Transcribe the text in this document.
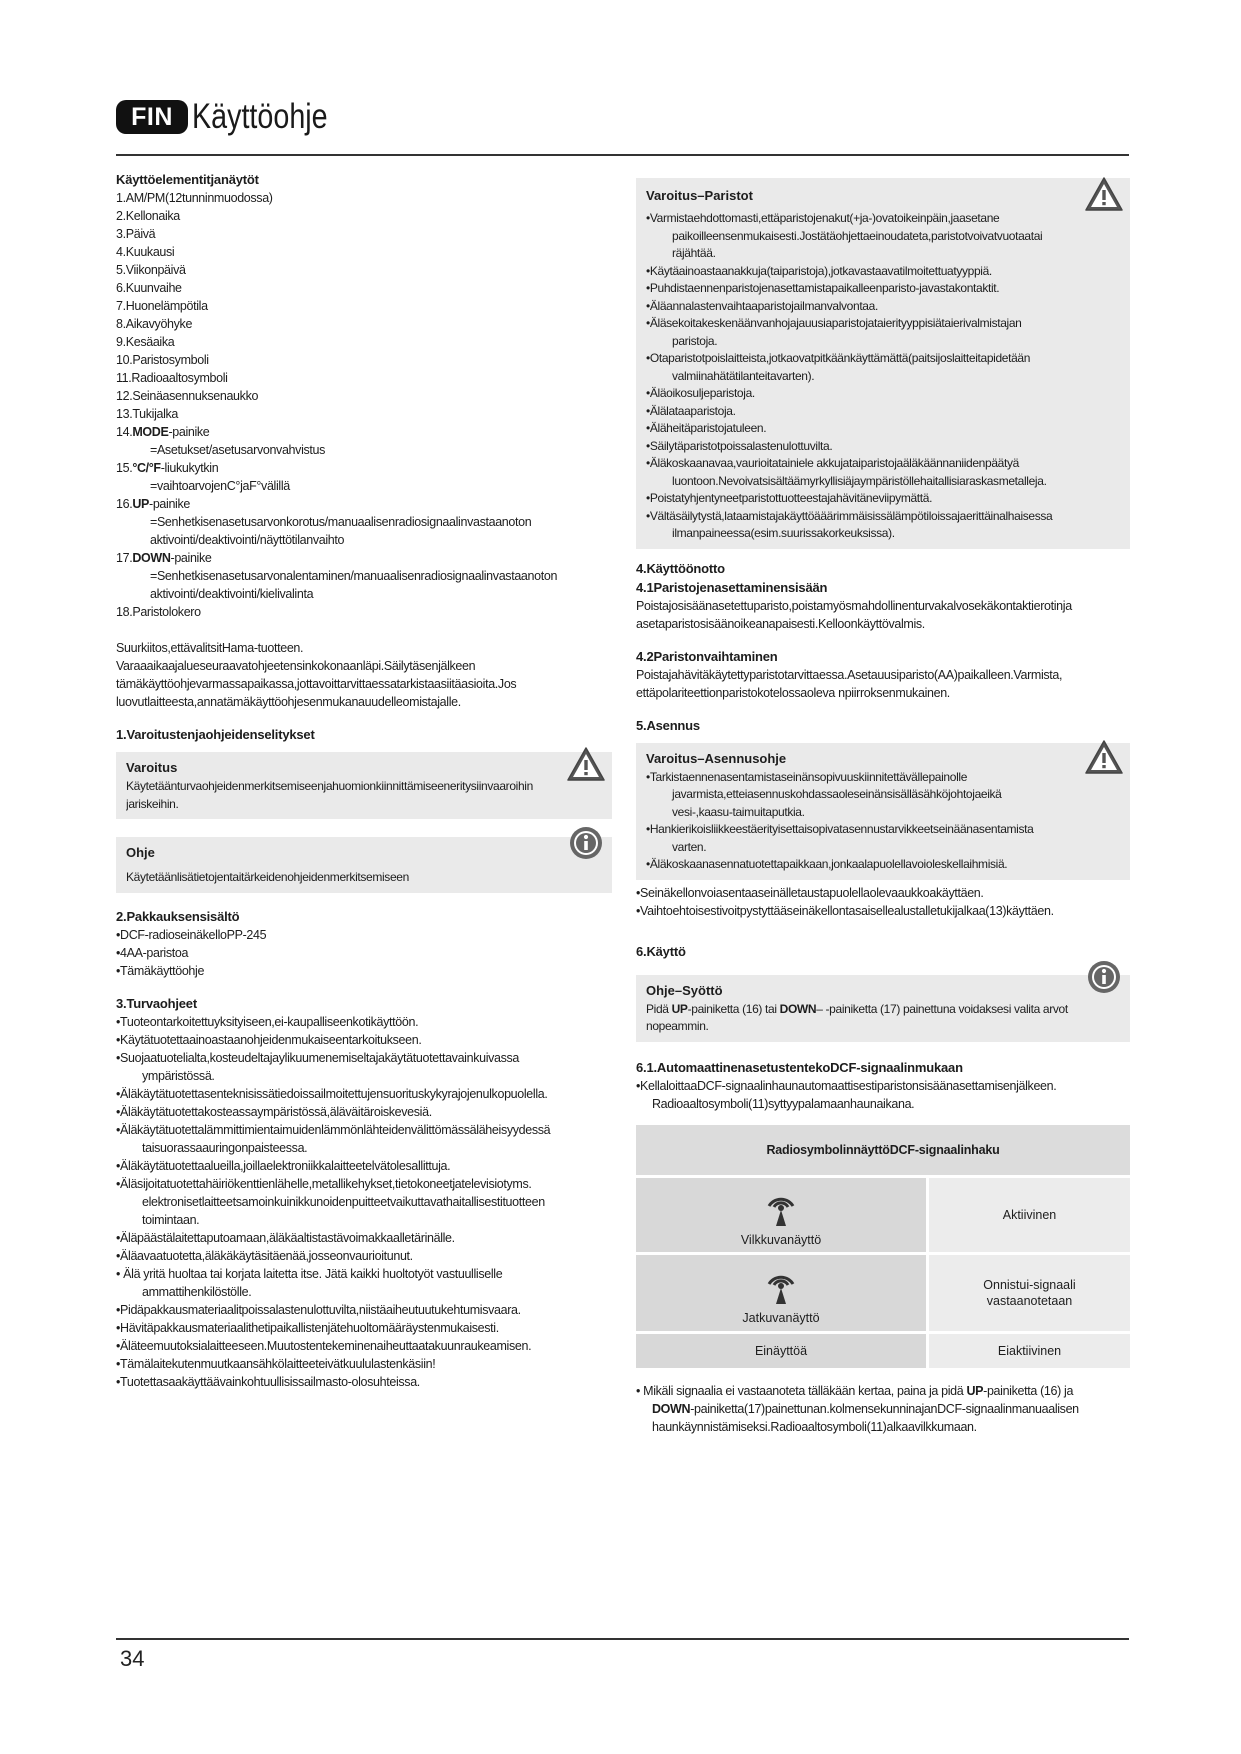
FIN Käyttöohje
Käyttöelementitjanäytöt
1.AM/PM(12tunninmuodossa)
2.Kellonaika
3.Päivä
4.Kuukausi
5.Viikonpäivä
6.Kuunvaihe
7.Huonelämpötila
8.Aikavyöhyke
9.Kesäaika
10.Paristosymboli
11.Radioaaltosymboli
12.Seinäasennuksenaukko
13.Tukijalka
14.MODE-painike
=Asetukset/asetusarvonvahvistus
15.°C/°F-liukukytkin
=vaihtoarvojenC°jaF°välillä
16.UP-painike
=Senhetkisenasetusarvonkorotus/manuaalisenradiosignaalinvastaanoton
aktivointi/deaktivointi/näyttötilanvaihto
17.DOWN-painike
=Senhetkisenasetusarvonalentaminen/manuaalisenradiosignaalinvastaanoton
aktivointi/deaktivointi/kielivalinta
18.Paristolokero
Suurkiitos,ettävalitsitHama-tuotteen.
Varaaaikaajalueseuraavatohjeetensinkokonaanläpi.Säilytäsenjälkeen
tämäkäyttöohjevarmassapaikassa,jottavoittarvittaessatarkistaasiitäasioita.Jos
luovutlaitteesta,annatämäkäyttöohjesenmukanauudelleomistajalle.
1.Varoitustenjaohjeidenselitykset
Varoitus
Käytetäänturvaohjeidenmerkitsemiseenjahuomionkiinnittämiseeneritysiinvaaroihin
jariskeihin.
Ohje
Käytetäänlisätietojentaitärkeidenohjeidenmerkitsemiseen
2.Pakkauksensisältö
•DCF-radioseinäkelloPP-245
•4AA-paristoa
•Tämäkäyttöohje
3.Turvaohjeet
•Tuoteontarkoitettuyksityiseen,ei-kaupalliseenkotikäyttöön.
•Käytätuotettaainoastaanohjeidenmukaiseentarkoitukseen.
•Suojaatuotelialta,kosteudeltajaylikuumenemiseltajakäytätuotettavainkuivassa
ympäristössä.
•Äläkäytätuotettasenteknisissätiedoissailmoitettujensuorituskykyrajojenulkopuolella.
•Äläkäytätuotettakosteassaympäristössä,äläväitäroiskevesiä.
•Äläkäytätuotettalämmittimientaimuidenlämmönlähteidenvälittömässäläheisyydessä
taisuorassaauringonpaisteessa.
•Äläkäytätuotettaalueilla,joillaelektroniikkalaitteetelvätolesallittuja.
•Äläsijoitatuotettahäiriökenttienlähelle,metallikehykset,tietokoneetjatelevisiotyms.
elektronisetlaitteetsamoinkuinikkunoidenpuitteetvaikuttavathaitallisestituotteen
toimintaan.
•Äläpäästälaitettaputoamaan,äläkäaltistastävoimakkaalletärinälle.
•Äläavaatuotetta,äläkäkäytäsitäenää,josseonvaurioitunut.
• Älä yritä huoltaa tai korjata laitetta itse. Jätä kaikki huoltotyöt vastuulliselle
ammattihenkilöstölle.
•Pidäpakkausmateriaalitpoissalastenulottuvilta,niistäaiheutuutukehtumisvaara.
•Hävitäpakkausmateriaalithetipaikallistenjätehuoltomääräystenmukaisesti.
•Äläteemuutoksialaitteeseen.Muutostentekeminenaiheuttaatakuunraukeamisen.
•Tämälaitekutenmuutkaansähkölaitteeteivätkuululastenkäsiin!
•Tuotettasaakäyttäävainkohtuullisissailmasto-olosuhteissa.
Varoitus–Paristot
•Varmistaehdottomasti,ettäparistojenakut(+ja-)ovatoikeinpäin,jaasetane
paikoilleensenmukaisesti.Jostätäohjettaeinoudateta,paristotvoivatvuotaatai
räjähtää.
•Käytäainoastaanakkuja(taiparistoja),jotkavastaavatilmoitettuatyyppiä.
•Puhdistaennenparistojenasettamistapaikalleenparisto-javastakontaktit.
•Äläannalastenvaihtaaparistojailmanvalvontaa.
•Äläsekoitakeskenäänvanhojajauusiaparistojataierityyppisiätaierivalmistajan
paristoja.
•Otaparistotpoislaitteista,jotkaovatpitkäänkäyttämättä(paitsijoslaitteitapidetään
valmiinahätätilanteitavarten).
•Äläoikosuljeparistoja.
•Älälataaparistoja.
•Äläheitäparistojatuleen.
•Säilytäparistotpoissalastenulottuvilta.
•Äläkoskaanavaa,vaurioitatainiele akkujataiparistojaäläkäännaniidenpäätyä
luontoon.Nevoivatsisältäämyrkyllisiäjaympäristöllehaitallisiaraskasmetalleja.
•Poistatyhjentyneetparistottuotteestajahävitäneviipymättä.
•Vältäsäilytystä,lataamistajakäyttöääärimmäisissälämpötiloissajaerittäinalhaisessa
ilmanpaineessa(esim.suurissakorkeuksissa).
4.Käyttöönotto
4.1Paristojenasettaminensisään
Poistajosisäänasetettuparisto,poistamyösmahdollinenturvakalvosekäkontaktierotinja
asetaparistosisäänoikeanapaisesti.Kelloonkäyttövalmis.
4.2Paristonvaihtaminen
Poistajahävitäkäytettyparistotarvittaessa.Asetauusiparisto(AA)paikalleen.Varmista,
ettäpolariteettionparistokotelossaoleva npiirroksenmukainen.
5.Asennus
Varoitus–Asennusohje
•Tarkistaennenasentamistaseinänsopivuuskiinnitettävällepainolle
javarmista,etteiasennuskohdassaoleseinänsisälläsähköjohtojaeikä
vesi-,kaasu-taimuitaputkia.
•Hankierikoisliikkeestäerityisettaisopivatasennustarvikkeetseinäänasentamista
varten.
•Äläkoskaanasennatuotettapaikkaan,jonkaalapuolellavoioleskellaihmisiä.
•Seinäkellonvoiasentaaseinälletaustapuolellaolevaaukkoakäyttäen.
•Vaihtoehtoisestivoitpystyttääseinäkellontasaisellealustalletukijalkaa(13)käyttäen.
6.Käyttö
Ohje–Syöttö
Pidä UP-painiketta (16) tai DOWN– -painiketta (17) painettuna voidaksesi valita arvot
nopeammin.
6.1.AutomaattinenasetustentekoDCF-signaalinmukaan
•KellaloittaaDCF-signaalinhaunautomaattisestiparistonsisäänasettamisenjälkeen.
Radioaaltosymboli(11)syttyypalamaanhaunaikana.
RadiosymbolinnäyttöDCF-signaalinhaku	

Vilkkuvanäyttö	Aktiivinen

Jatkuvanäyttö	Onnistui-signaali
vastaanotetaan

Einäyttöä	Eiaktiivinen
• Mikäli signaalia ei vastaanoteta tälläkään kertaa, paina ja pidä UP-painiketta (16) ja
DOWN-painiketta(17)painettunan.kolmensekunninajanDCF-signaalinmanuaalisen
haunkäynnistämiseksi.Radioaaltosymboli(11)alkaavilkkumaan.
34
